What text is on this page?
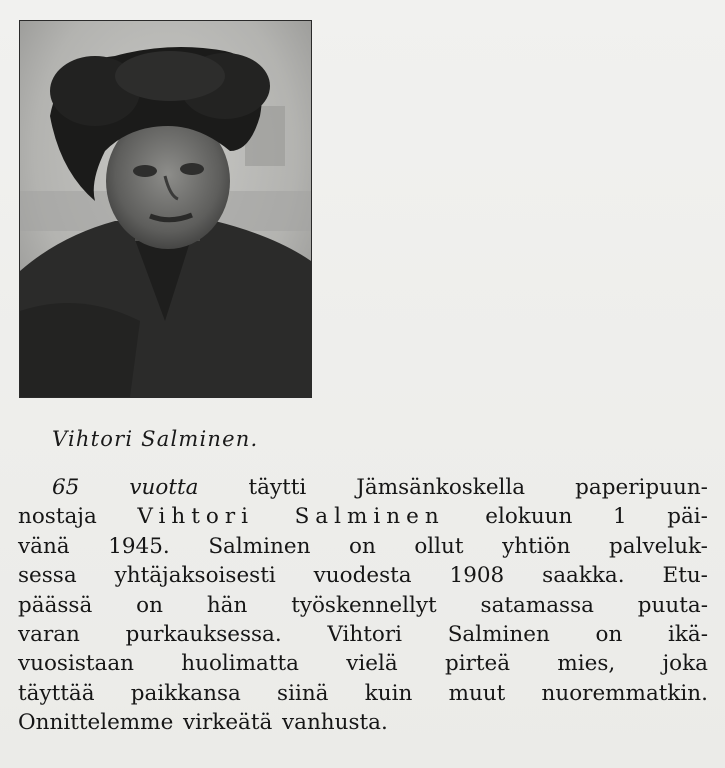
Vihtori Salminen.
65 vuotta täytti Jämsänkoskella paperipuun-
nostaja Vihtori Salminen elokuun 1 päi-
vänä 1945. Salminen on ollut yhtiön palveluk-
sessa yhtäjaksoisesti vuodesta 1908 saakka. Etu-
päässä on hän työskennellyt satamassa puuta-
varan purkauksessa. Vihtori Salminen on ikä-
vuosistaan huolimatta vielä pirteä mies, joka
täyttää paikkansa siinä kuin muut nuoremmatkin.
Onnittelemme virkeätä vanhusta.
